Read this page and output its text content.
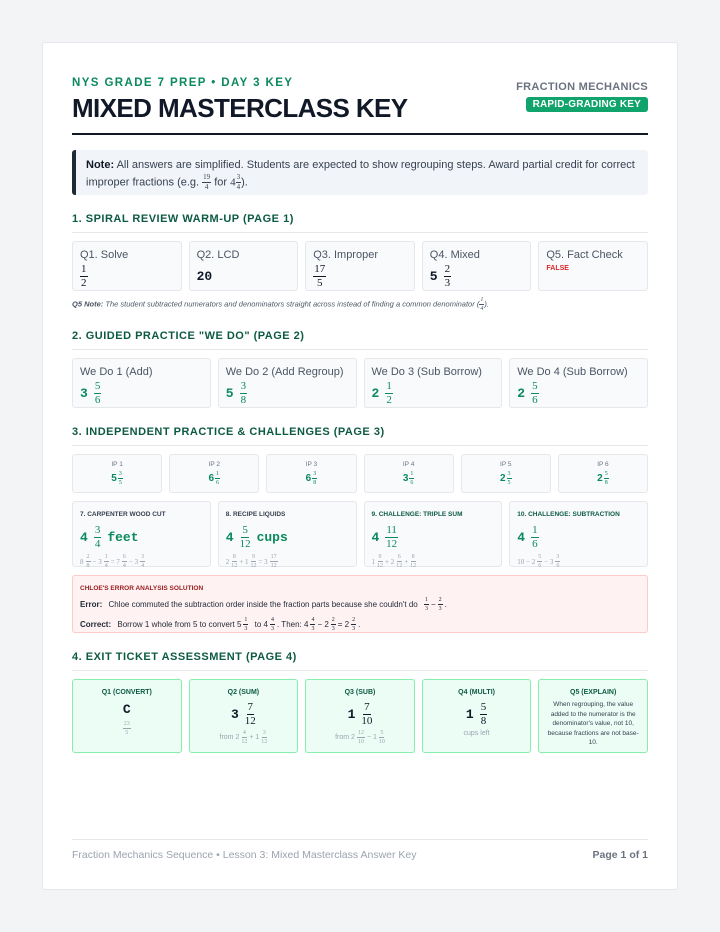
NYS GRADE 7 PREP • DAY 3 KEY
MIXED MASTERCLASS KEY
FRACTION MECHANICS
RAPID-GRADING KEY
Note: All answers are simplified. Students are expected to show regrouping steps. Award partial credit for correct
improper fractions (e.g. $\frac{19}{4}$ for $4 \frac{3}{4}$ ).
1. SPIRAL REVIEW WARM-UP (PAGE 1)
Q1. Solve
1
2
Q2. LCD
20
Q3. Improper
17
5
Q4. Mixed
5 2
3
Q5. Fact Check
FALSE
Q5 Note: The student subtracted numerators and denominators straight across instead of finding a common denominator ( $\frac{1}{4}$ ).
2. GUIDED PRACTICE "WE DO" (PAGE 2)
We Do 1 (Add)
3 5
6
We Do 2 (Add Regroup)
5 3
8
We Do 3 (Sub Borrow)
2 1
2
We Do 4 (Sub Borrow)
2 5
6
3. INDEPENDENT PRACTICE & CHALLENGES (PAGE 3)
IP 1
5 3
5
IP 2
6 1
6
IP 3
6 3
8
IP 4
3 1
6
IP 5
2 3
5
IP 6
2 5
8
7. CARPENTER WOOD CUT
4 3
4 feet
8
2
8
− $3 \frac{1}{4} = 7$
6
4
− 3
3
4
8. RECIPE LIQUIDS
4 5
12 cups
2
8
12
+ $1 \frac{9}{12} = 3$
17
12
9. CHALLENGE: TRIPLE SUM
4 11
12
1
9
12
+ 2
6
12
+ $\frac{8}{12}$
10. CHALLENGE: SUBTRACTION
4 1
6
10 − 2
5
6
− 3
3
6
CHLOE'S ERROR ANALYSIS SOLUTION
Error:
Chloe commuted the subtraction order inside the fraction parts because she couldn't do
1
$3 - \frac{2}{3}$ .
Correct:
Borrow 1 whole from 5 to convert 5 1
3
to 4 4
3 . Then: 4 4
$3 - 2 \frac{2}{3} = 2$ 2
3 .
4. EXIT TICKET ASSESSMENT (PAGE 4)
Q1 (CONVERT)
C
23
5
Q2 (SUM)
3 7
12
from 2
4
12
+ 1
3
12
Q3 (SUB)
1 7
10
from 2
12
10
− 1
5
10
Q4 (MULTI)
1 5
8
cups left
Q5 (EXPLAIN)
When regrouping, the value added to the numerator is the denominator's value, not 10, because fractions are not base-10.
Fraction Mechanics Sequence • Lesson 3: Mixed Masterclass Answer Key	Page 1 of 1
